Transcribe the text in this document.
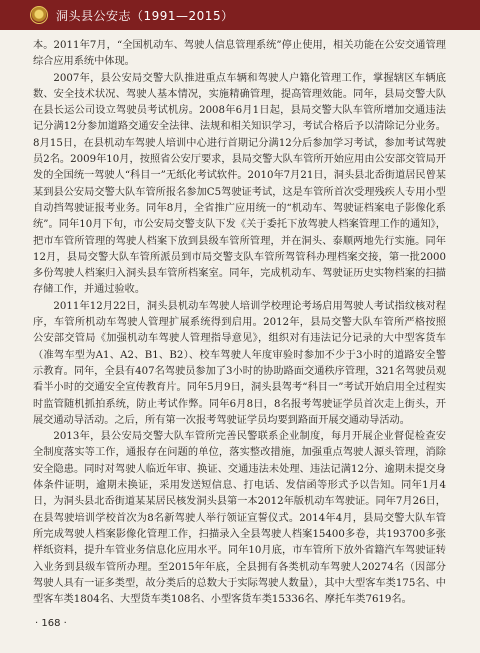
洞头县公安志（1991—2015）

本。2011年7月，“全国机动车、驾驶人信息管理系统”停止使用，相关功能在公安交通管理综合应用系统中体现。

2007年，县公安局交警大队推进重点车辆和驾驶人户籍化管理工作，掌握辖区车辆底数、安全技术状况、驾驶人基本情况，实施精确管理，提高管理效能。同年，县局交警大队在县长运公司设立驾驶员考试机房。2008年6月1日起，县局交警大队车管所增加交通违法记分满12分参加道路交通安全法律、法规和相关知识学习，考试合格后予以清除记分业务。8月15日，在县机动车驾驶人培训中心进行首期记分满12分后参加学习考试，参加考试驾驶员2名。2009年10月，按照省公安厅要求，县局交警大队车管所开始应用由公安部交管局开发的全国统一驾驶人“科目一”无纸化考试软件。2010年7月21日，洞头县北岙街道居民曾某某到县公安局交警大队车管所报名参加C5驾驶证考试，这是车管所首次受理残疾人专用小型自动挡驾驶证报考业务。同年8月，全省推广应用统一的“机动车、驾驶证档案电子影像化系统”。同年10月下旬，市公安局交警支队下发《关于委托下放驾驶人档案管理工作的通知》，把市车管所管理的驾驶人档案下放到县级车管所管理，并在洞头、泰顺两地先行实施。同年12月，县局交警大队车管所派员到市局交警支队车管所驾管科办理档案交接，第一批2000多份驾驶人档案归入洞头县车管所档案室。同年，完成机动车、驾驶证历史实物档案的扫描存储工作，并通过验收。

2011年12月22日，洞头县机动车驾驶人培训学校理论考场启用驾驶人考试指纹核对程序，车管所机动车驾驶人管理扩展系统得到启用。2012年，县局交警大队车管所严格按照公安部交管局《加强机动车驾驶人管理指导意见》，组织对有违法记分记录的大中型客货车（准驾车型为A1、A2、B1、B2）、校车驾驶人年度审验时参加不少于3小时的道路安全警示教育。同年，全县有407名驾驶员参加了3小时的协助路面交通秩序管理，321名驾驶员观看半小时的交通安全宣传教育片。同年5月9日，洞头县驾考“科目一”考试开始启用全过程实时监管随机抓拍系统，防止考试作弊。同年6月8日，8名报考驾驶证学员首次走上街头，开展交通动导活动。之后，所有第一次报考驾驶证学员均要到路面开展交通动导活动。

2013年，县公安局交警大队车管所完善民警联系企业制度，每月开展企业督促检查安全制度落实等工作，通报存在问题的单位，落实整改措施，加强重点驾驶人源头管理，消除安全隐患。同时对驾驶人临近年审、换证、交通违法未处理、违法记满12分、逾期未提交身体条件证明，逾期未换证，采用发送短信息、打电话、发信函等形式予以告知。同年1月4日，为洞头县北岙街道某某居民核发洞头县第一本2012年版机动车驾驶证。同年7月26日，在县驾驶培训学校首次为8名新驾驶人举行领证宣誓仪式。2014年4月，县局交警大队车管所完成驾驶人档案影像化管理工作，扫描录入全县驾驶人档案15400多卷，共193700多张样纸资料，提升车管业务信息化应用水平。同年10月底，市车管所下放外省籍汽车驾驶证转入业务到县级车管所办理。至2015年年底，全县拥有各类机动车驾驶人20274名（因部分驾驶人具有一证多类型，故分类后的总数大于实际驾驶人数量），其中大型客车类175名、中型客车类1804名、大型货车类108名、小型客货车类15336名、摩托车类7619名。

· 168 ·
